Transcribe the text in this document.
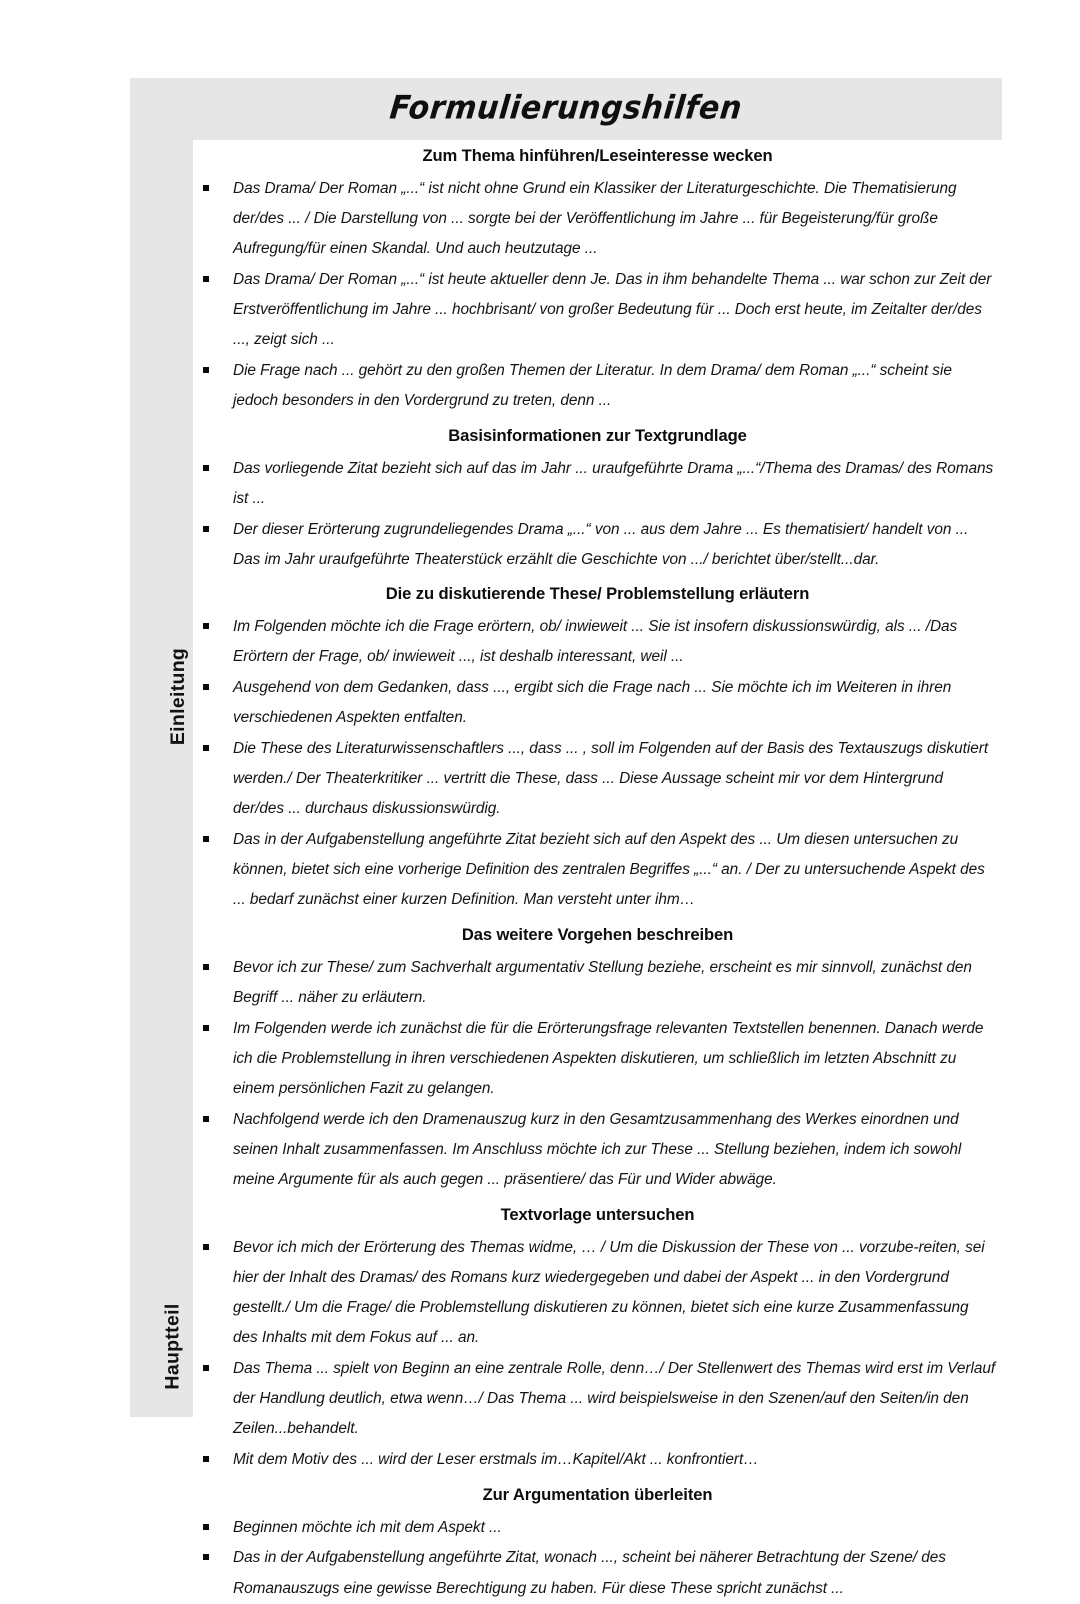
Formulierungshilfen
Einleitung
Hauptteil
Zum Thema hinführen/Leseinteresse wecken
Das Drama/ Der Roman „...“ ist nicht ohne Grund ein Klassiker der Literaturgeschichte. Die Thematisierung der/des ... / Die Darstellung von ... sorgte bei der Veröffentlichung im Jahre ... für Begeisterung/für große Aufregung/für einen Skandal. Und auch heutzutage ...
Das Drama/ Der Roman „...“ ist heute aktueller denn Je. Das in ihm behandelte Thema ... war schon zur Zeit der Erstveröffentlichung im Jahre ... hochbrisant/ von großer Bedeutung für ... Doch erst heute, im Zeitalter der/des ..., zeigt sich ...
Die Frage nach ... gehört zu den großen Themen der Literatur. In dem Drama/ dem Roman „...“ scheint sie jedoch besonders in den Vordergrund zu treten, denn ...
Basisinformationen zur Textgrundlage
Das vorliegende Zitat bezieht sich auf das im Jahr ... uraufgeführte Drama „...“/Thema des Dramas/ des Romans ist ...
Der dieser Erörterung zugrundeliegendes Drama „...“ von ... aus dem Jahre ... Es thematisiert/ handelt von ... Das im Jahr uraufgeführte Theaterstück erzählt die Geschichte von .../ berichtet über/stellt...dar.
Die zu diskutierende These/ Problemstellung erläutern
Im Folgenden möchte ich die Frage erörtern, ob/ inwieweit ... Sie ist insofern diskussionswürdig, als ... /Das Erörtern der Frage, ob/ inwieweit ..., ist deshalb interessant, weil ...
Ausgehend von dem Gedanken, dass ..., ergibt sich die Frage nach ... Sie möchte ich im Weiteren in ihren verschiedenen Aspekten entfalten.
Die These des Literaturwissenschaftlers ..., dass ... , soll im Folgenden auf der Basis des Textauszugs diskutiert werden./ Der Theaterkritiker ... vertritt die These, dass ... Diese Aussage scheint mir vor dem Hintergrund der/des ... durchaus diskussionswürdig.
Das in der Aufgabenstellung angeführte Zitat bezieht sich auf den Aspekt des ... Um diesen untersuchen zu können, bietet sich eine vorherige Definition des zentralen Begriffes „...“ an. / Der zu untersuchende Aspekt des ... bedarf zunächst einer kurzen Definition. Man versteht unter ihm…
Das weitere Vorgehen beschreiben
Bevor ich zur These/ zum Sachverhalt argumentativ Stellung beziehe, erscheint es mir sinnvoll, zunächst den Begriff ... näher zu erläutern.
Im Folgenden werde ich zunächst die für die Erörterungsfrage relevanten Textstellen benennen. Danach werde ich die Problemstellung in ihren verschiedenen Aspekten diskutieren, um schließlich im letzten Abschnitt zu einem persönlichen Fazit zu gelangen.
Nachfolgend werde ich den Dramenauszug kurz in den Gesamtzusammenhang des Werkes einordnen und seinen Inhalt zusammenfassen. Im Anschluss möchte ich zur These ... Stellung beziehen, indem ich sowohl meine Argumente für als auch gegen ... präsentiere/ das Für und Wider abwäge.
Textvorlage untersuchen
Bevor ich mich der Erörterung des Themas widme, … / Um die Diskussion der These von ... vorzube-reiten, sei hier der Inhalt des Dramas/ des Romans kurz wiedergegeben und dabei der Aspekt ... in den Vordergrund gestellt./ Um die Frage/ die Problemstellung diskutieren zu können, bietet sich eine kurze Zusammenfassung des Inhalts mit dem Fokus auf ... an.
Das Thema ... spielt von Beginn an eine zentrale Rolle, denn…/ Der Stellenwert des Themas wird erst im Verlauf der Handlung deutlich, etwa wenn…/ Das Thema ... wird beispielsweise in den Szenen/auf den Seiten/in den Zeilen...behandelt.
Mit dem Motiv des ... wird der Leser erstmals im…Kapitel/Akt ... konfrontiert…
Zur Argumentation überleiten
Beginnen möchte ich mit dem Aspekt ...
Das in der Aufgabenstellung angeführte Zitat, wonach ..., scheint bei näherer Betrachtung der Szene/ des Romanauszugs eine gewisse Berechtigung zu haben. Für diese These spricht zunächst ...
